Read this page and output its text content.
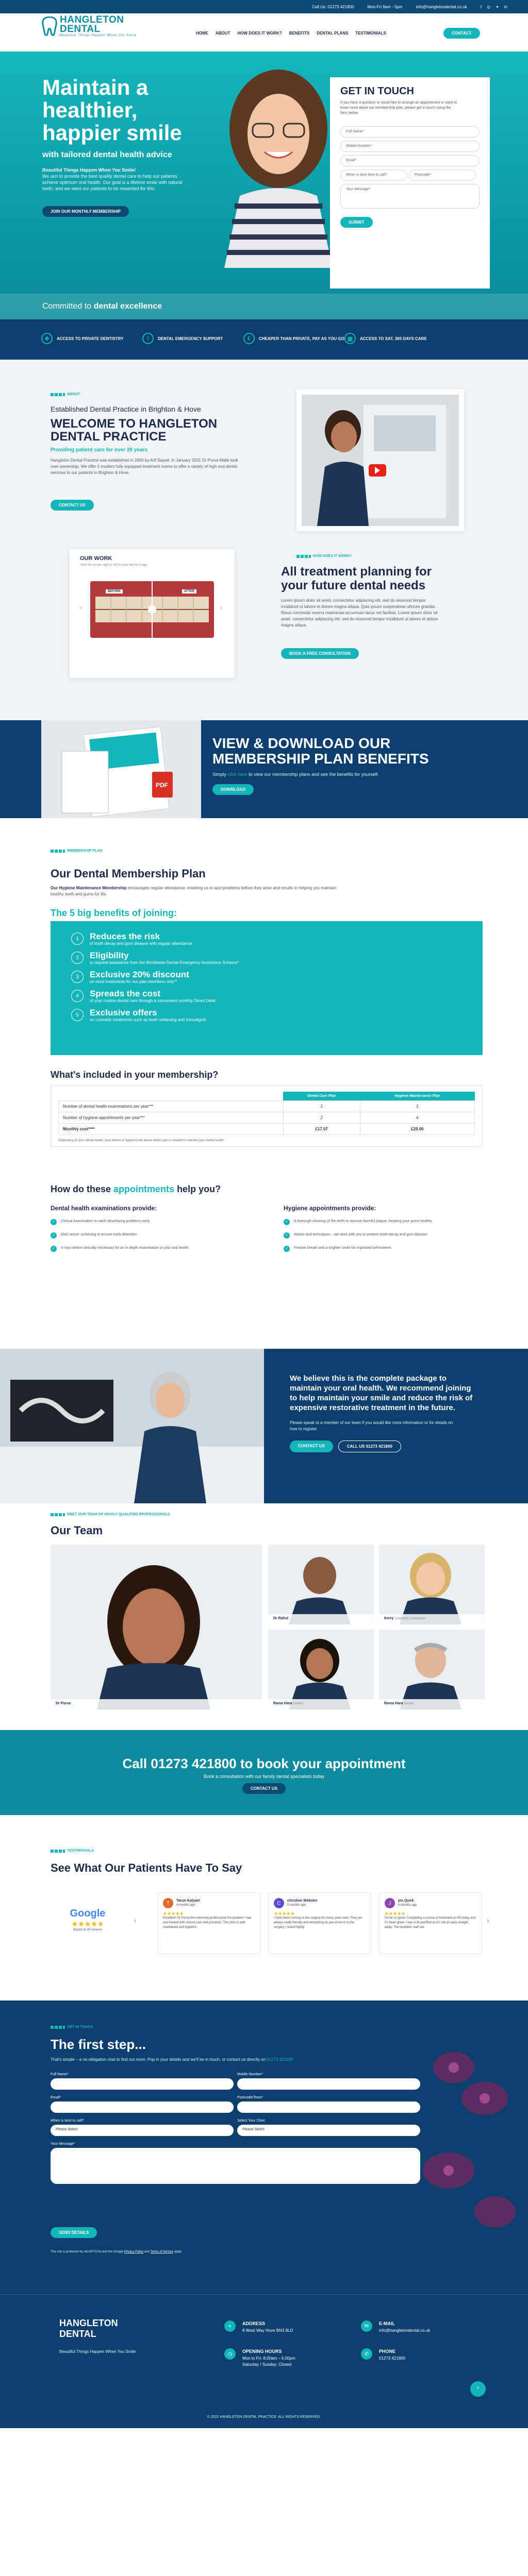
Call Us: 01273 421800	Mon-Fri 9am - 5pm	info@hangletondental.co.uk	f ◎ ✦ in
HANGLETON
DENTAL
Beautiful Things Happen When You Smile	HOME ABOUT HOW DOES IT WORK? BENEFITS DENTAL PLANS TESTIMONIALS	CONTACT
Maintain a healthier, happier smile
with tailored dental health advice
Beautiful Things Happen When You Smile!
We aim to provide the best quality dental care to help our patients achieve optimum oral health. Our goal is a lifetime smile with natural teeth, and we want our patients to be rewarded for this.
JOIN OUR MONTHLY MEMBERSHIP
GET IN TOUCH

If you have a question or would like to arrange an appointment or want to know more about our membership plan, please get in touch using the form below.

Full Name*
Mobile Number*
Email*
When is best time to call?	Postcode*
Your Message*
SUBMIT
Committed to dental excellence
✚	ACCESS TO PRIVATE DENTISTRY	!	DENTAL EMERGENCY SUPPORT	£	CHEAPER THAN PRIVATE, PAY AS YOU GO ▦	ACCESS TO SAT, 365 DAYS CARE
ABOUT
Established Dental Practice in Brighton & Hove
WELCOME TO HANGLETON DENTAL PRACTICE
Providing patient care for over 20 years
Hangleton Dental Practice was established in 2000 by Arif Sayed. In January 2021 Dr Purva Malik took over ownership. We offer 5 modern fully equipped treatment rooms to offer a variety of high end dental services to our patients in Brighton & Hove.
CONTACT US
OUR WORK
Slide the arrows right or left to view the full image
BEFORE	AFTER
‹	›
HOW DOES IT WORK?
All treatment planning for your future dental needs
Lorem ipsum dolor sit amet, consectetur adipiscing elit, sed do eiusmod tempor incididunt ut labore et dolore magna aliqua. Quis ipsum suspendisse ultrices gravida. Risus commodo viverra maecenas accumsan lacus vel facilisis. Lorem ipsum dolor sit amet, consectetur adipiscing elit, sed do eiusmod tempor incididunt ut labore et dolore magna aliqua.
BOOK A FREE CONSULTATION
PDF
VIEW & DOWNLOAD OUR MEMBERSHIP PLAN BENEFITS
Simply click here to view our membership plans and see the benefits for yourself.
DOWNLOAD
MEMBERSHIP PLAN
Our Dental Membership Plan
Our Hygiene Maintenance Membership encourages regular attendance, enabling us to spot problems before they arise and results in helping you maintain healthy teeth and gums for life.
The 5 big benefits of joining:
1	Reduces the risk
of tooth decay and gum disease with regular attendance
2	Eligibility
to request assistance from the Worldwide Dental Emergency Assistance Scheme*
3	Exclusive 20% discount
on most treatments for our plan members only**
4	Spreads the cost
of your routine dental care through a convenient monthly Direct Debit
5	Exclusive offers
on cosmetic treatments such as teeth whitening and Invisalign®
What's included in your membership?
	Dental Care Plan	Hygiene Maintenance Plan
Number of dental health examinations per year***	2	2
Number of hygiene appointments per year***	2	4
Monthly cost****	£17.07	£29.00
Depending on your dental health, your dentist or hygienist will advise which plan is needed to maintain your dental health.
How do these appointments help you?
Dental health examinations provide:
✓ Clinical examination to catch developing problems early
✓ Oral cancer screening to ensure early detection
✓ X-rays where clinically necessary for an in depth examination of your oral health.
Hygiene appointments provide:
✓ A thorough cleaning of the teeth to remove harmful plaque, keeping your gums healthy
✓ Advice and techniques – we work with you to prevent tooth decay and gum disease
✓ Fresher breath and a brighter smile for improved self-esteem.
We believe this is the complete package to maintain your oral health. We recommend joining to help maintain your smile and reduce the risk of expensive restorative treatment in the future.

Please speak to a member of our team if you would like more information or for details on how to register.

CONTACT US	CALL US 01273 421800
MEET OUR TEAM OF HIGHLY QUALIFIED PROFESSIONALS
Our Team
Dr Purva
Dr Rahul	Kerry Treatment Coordinator
Rama Hara Dentist	Rama Hara Dentist
Call 01273 421800 to book your appointment

Book a consultation with our family dental specialists today

CONTACT US
TESTIMONIALS
See What Our Patients Have To Say
Google
★★★★★
Based on 65 reviews
‹
T	Tarun Kalyani
4 months ago
★★★★★
Excellent! Dr Purva the extremely professional the problem I had and treated with utmost care and precision. The clinic is well maintained and hygienic.
C	christine Webster
5 months ago
★★★★★
I have been coming to the surgery for many years now. They are always really friendly and welcoming as you arrive in to the surgery. I would highly
J	jen Quirk
6 months ago
★★★★★
So far so good. Completing a course of treatment at HD today and it's been great. I was a bit petrified as it's not an easy straight away. The reception staff are
›
GET IN TOUCH
The first step...
That's simple – a no-obligation chat to find out more. Pop in your details and we'll be in touch, or contact us directly on 01273 421800
Full Name*	Mobile Number*
Email*	Postcode/Town*
When is best to call?
Please Select
Select Your Clinic
Please Select
Your Message*
SEND DETAILS
This site is protected by reCAPTCHA and the Google Privacy Policy and Terms of Service apply.
HANGLETON
DENTAL
Beautiful Things Happen When You Smile
⌖	ADDRESS
8 West Way Hove BN3 8LD
◷	OPENING HOURS
Mon to Fri: 8:00am – 5:00pm
Saturday / Sunday: Closed
✉	E-MAIL
info@hangletondental.co.uk
✆	PHONE
01273 421800
⌃
© 2022 HANGLETON DENTAL PRACTICE. ALL RIGHTS RESERVED.
